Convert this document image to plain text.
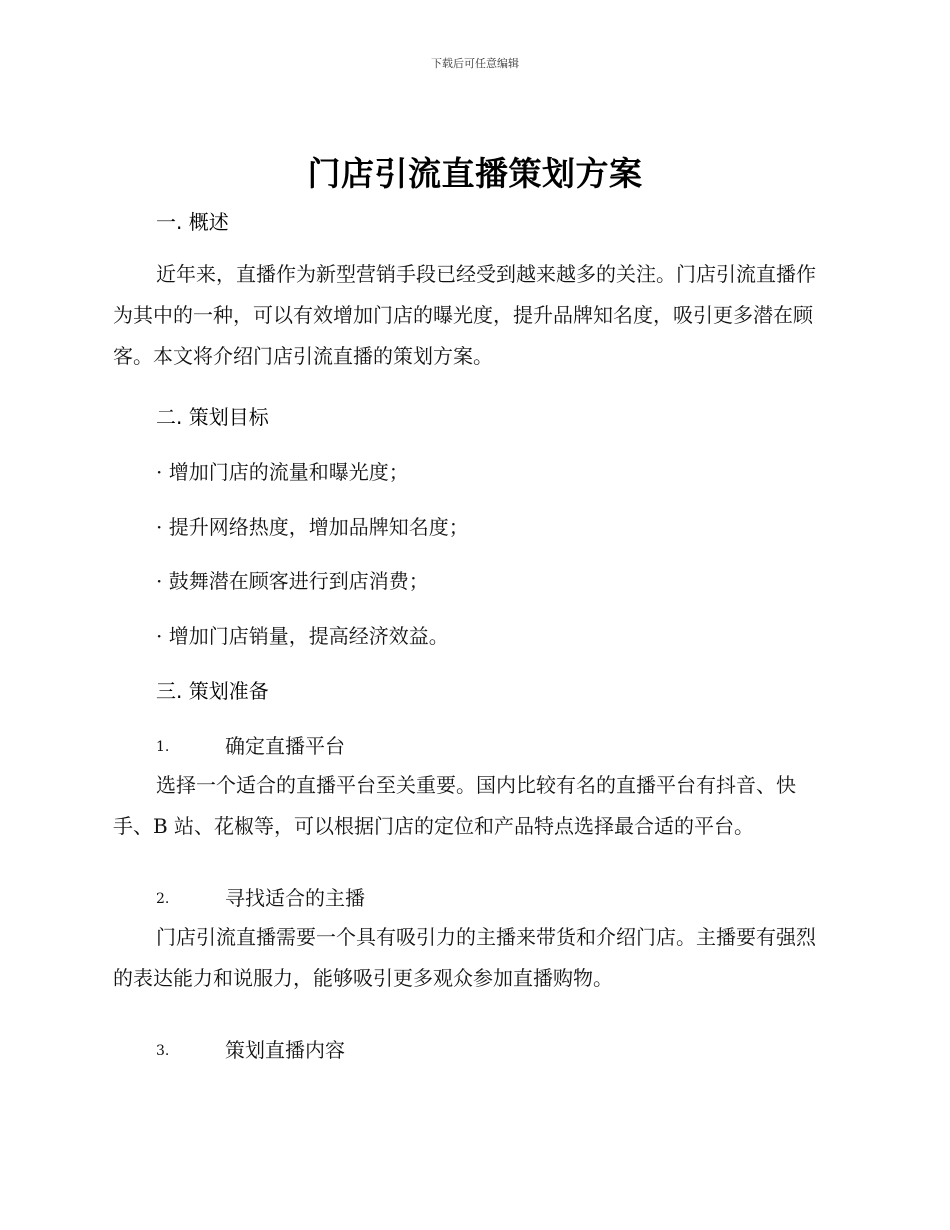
下载后可任意编辑
门店引流直播策划方案
一. 概述
近年来，直播作为新型营销手段已经受到越来越多的关注。门店引流直播作为其中的一种，可以有效增加门店的曝光度，提升品牌知名度，吸引更多潜在顾客。本文将介绍门店引流直播的策划方案。
二. 策划目标
· 增加门店的流量和曝光度；
· 提升网络热度，增加品牌知名度；
· 鼓舞潜在顾客进行到店消费；
· 增加门店销量，提高经济效益。
三. 策划准备
1.	确定直播平台
选择一个适合的直播平台至关重要。国内比较有名的直播平台有抖音、快手、B 站、花椒等，可以根据门店的定位和产品特点选择最合适的平台。
2.	寻找适合的主播
门店引流直播需要一个具有吸引力的主播来带货和介绍门店。主播要有强烈的表达能力和说服力，能够吸引更多观众参加直播购物。
3.	策划直播内容
